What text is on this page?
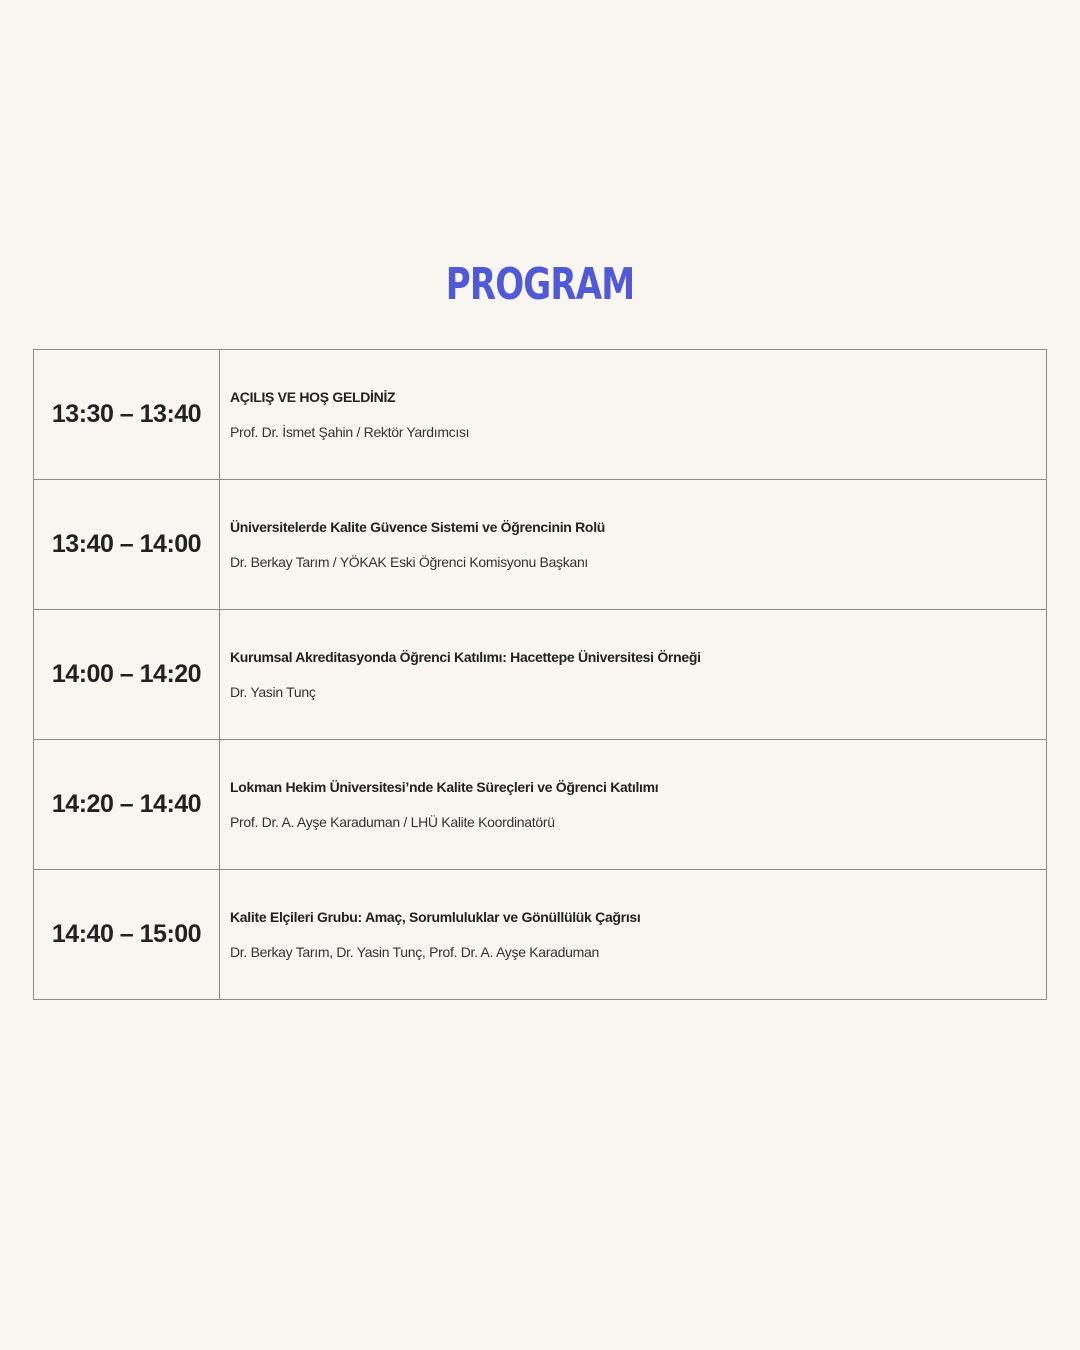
PROGRAM
13:30 – 13:40
AÇILIŞ VE HOŞ GELDİNİZ
Prof. Dr. İsmet Şahin / Rektör Yardımcısı
13:40 – 14:00
Üniversitelerde Kalite Güvence Sistemi ve Öğrencinin Rolü
Dr. Berkay Tarım / YÖKAK Eski Öğrenci Komisyonu Başkanı
14:00 – 14:20
Kurumsal Akreditasyonda Öğrenci Katılımı: Hacettepe Üniversitesi Örneği
Dr. Yasin Tunç
14:20 – 14:40
Lokman Hekim Üniversitesi’nde Kalite Süreçleri ve Öğrenci Katılımı
Prof. Dr. A. Ayşe Karaduman / LHÜ Kalite Koordinatörü
14:40 – 15:00
Kalite Elçileri Grubu: Amaç, Sorumluluklar ve Gönüllülük Çağrısı
Dr. Berkay Tarım, Dr. Yasin Tunç, Prof. Dr. A. Ayşe Karaduman
